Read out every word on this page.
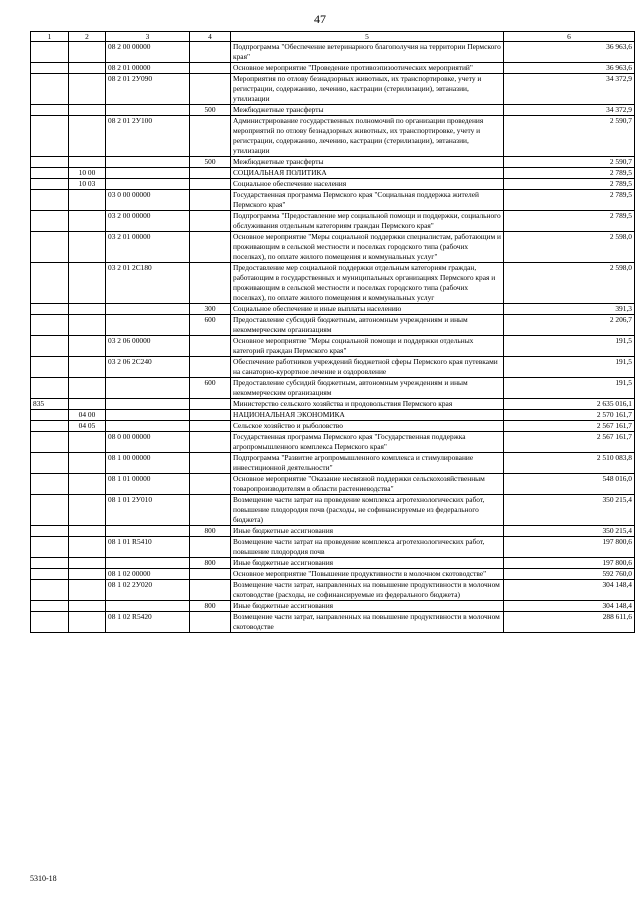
47
1	2	3	4	5	6
		08 2 00 00000		Подпрограмма "Обеспечение ветеринарного благополучия на территории Пермского края"	36 963,6
		08 2 01 00000		Основное мероприятие "Проведение противоэпизоотических мероприятий"	36 963,6
		08 2 01 2У090		Мероприятия по отлову безнадзорных животных, их транспортировке, учету и регистрации, содержанию, лечению, кастрации (стерилизации), эвтаназии, утилизации	34 372,9
			500	Межбюджетные трансферты	34 372,9
		08 2 01 2У100		Администрирование государственных полномочий по организации проведения мероприятий по отлову безнадзорных животных, их транспортировке, учету и регистрации, содержанию, лечению, кастрации (стерилизации), эвтаназии, утилизации	2 590,7
			500	Межбюджетные трансферты	2 590,7
	10 00			СОЦИАЛЬНАЯ ПОЛИТИКА	2 789,5
	10 03			Социальное обеспечение населения	2 789,5
		03 0 00 00000		Государственная программа Пермского края "Социальная поддержка жителей Пермского края"	2 789,5
		03 2 00 00000		Подпрограмма "Предоставление мер социальной помощи и поддержки, социального обслуживания отдельным категориям граждан Пермского края"	2 789,5
		03 2 01 00000		Основное мероприятие "Меры социальной поддержки специалистам, работающим и проживающим в сельской местности и поселках городского типа (рабочих поселках), по оплате жилого помещения и коммунальных услуг"	2 598,0
		03 2 01 2С180		Предоставление мер социальной поддержки отдельным категориям граждан, работающим в государственных и муниципальных организациях Пермского края и проживающим в сельской местности и поселках городского типа (рабочих поселках), по оплате жилого помещения и коммунальных услуг	2 598,0
			300	Социальное обеспечение и иные выплаты населению	391,3
			600	Предоставление субсидий бюджетным, автономным учреждениям и иным некоммерческим организациям	2 206,7
		03 2 06 00000		Основное мероприятие "Меры социальной помощи и поддержки отдельных категорий граждан Пермского края"	191,5
		03 2 06 2С240		Обеспечение работников учреждений бюджетной сферы Пермского края путевками на санаторно-курортное лечение и оздоровление	191,5
			600	Предоставление субсидий бюджетным, автономным учреждениям и иным некоммерческим организациям	191,5
835				Министерство сельского хозяйства и продовольствия Пермского края	2 635 016,1
	04 00			НАЦИОНАЛЬНАЯ ЭКОНОМИКА	2 570 161,7
	04 05			Сельское хозяйство и рыболовство	2 567 161,7
		08 0 00 00000		Государственная программа Пермского края "Государственная поддержка агропромышленного комплекса Пермского края"	2 567 161,7
		08 1 00 00000		Подпрограмма "Развитие агропромышленного комплекса и стимулирование инвестиционной деятельности"	2 510 083,8
		08 1 01 00000		Основное мероприятие "Оказание несвязной поддержки сельскохозяйственным товаропроизводителям в области растениеводства"	548 016,0
		08 1 01 2У010		Возмещение части затрат на проведение комплекса агротехнологических работ, повышение плодородия почв (расходы, не софинансируемые из федерального бюджета)	350 215,4
			800	Иные бюджетные ассигнования	350 215,4
		08 1 01 R5410		Возмещение части затрат на проведение комплекса агротехнологических работ, повышение плодородия почв	197 800,6
			800	Иные бюджетные ассигнования	197 800,6
		08 1 02 00000		Основное мероприятие "Повышение продуктивности в молочном скотоводстве"	592 760,0
		08 1 02 2У020		Возмещение части затрат, направленных на повышение продуктивности в молочном скотоводстве (расходы, не софинансируемые из федерального бюджета)	304 148,4
			800	Иные бюджетные ассигнования	304 148,4
		08 1 02 R5420		Возмещение части затрат, направленных на повышение продуктивности в молочном скотоводстве	288 611,6
5310-18
